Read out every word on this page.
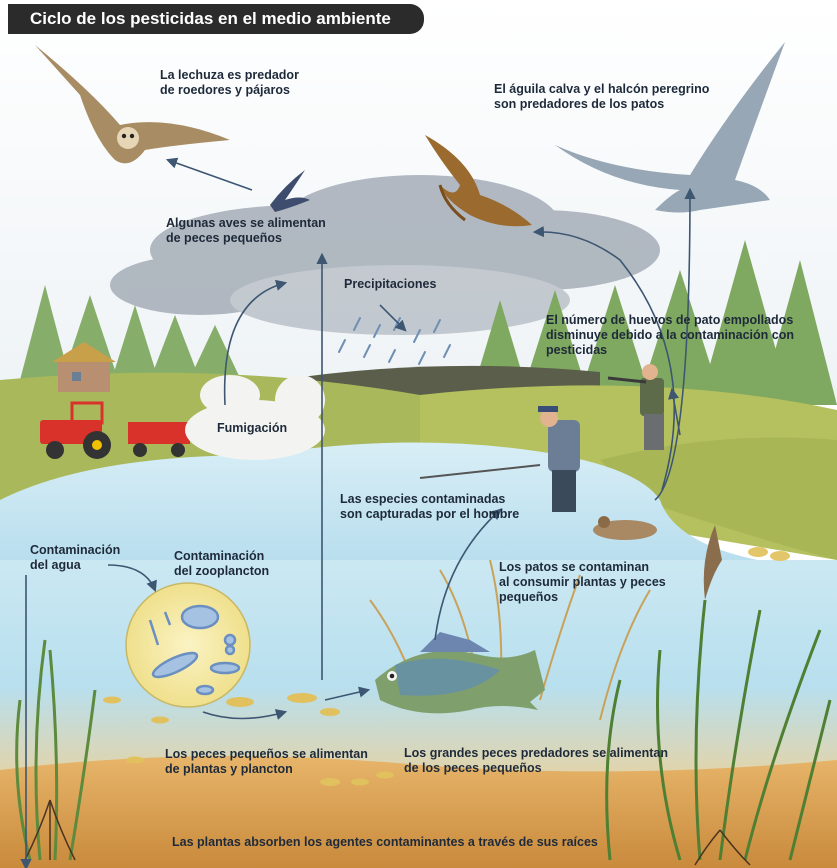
Ciclo de los pesticidas en el medio ambiente
La lechuza es predador
de roedores y pájaros	El águila calva y el halcón peregrino
son predadores de los patos
Algunas aves se alimentan
de peces pequeños
Precipitaciones
El número de huevos de pato empollados
disminuye debido a la contaminación con
pesticidas
Fumigación
Las especies contaminadas
son capturadas por el hombre
Contaminación
del agua
Contaminación
del zooplancton	Los patos se contaminan
al consumir plantas y peces
pequeños
Los peces pequeños se alimentan
de plantas y plancton
Los grandes peces predadores se alimentan
de los peces pequeños
Las plantas absorben los agentes contaminantes a través de sus raíces
